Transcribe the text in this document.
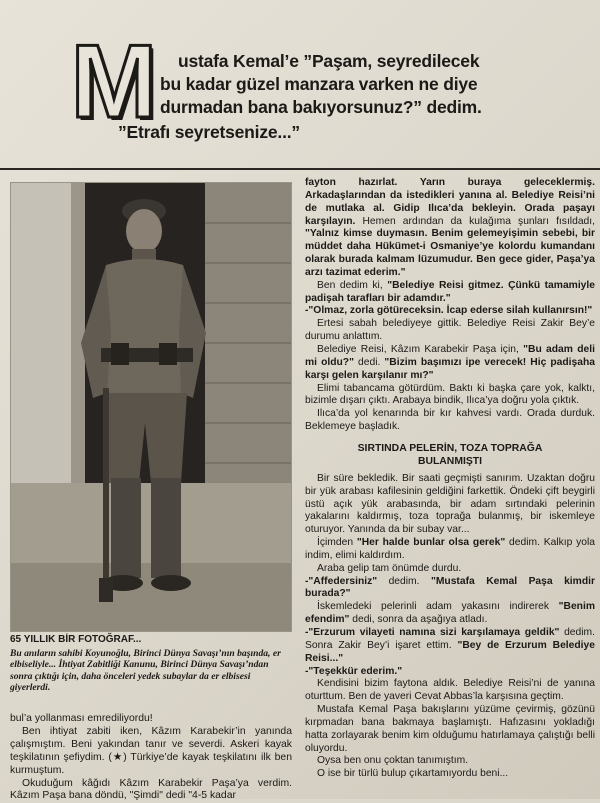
M	ustafa Kemal’e ”Paşam, seyredilecek
bu kadar güzel manzara varken ne diye
durmadan bana bakıyorsunuz?” dedim.
”Etrafı seyretsenize...”
65 YILLIK BİR FOTOĞRAF...
Bu anıların sahibi Koyunoğlu, Birinci Dünya Savaşı’nın başında, er elbiseliyle... İhtiyat Zabitliği Kanunu, Birinci Dünya Savaşı’ndan sonra çıktığı için, daha önceleri yedek subaylar da er elbisesi giyerlerdi.

bul’a yollanması emrediliyordu!

Ben ihtiyat zabiti iken, Kâzım Karabekir’in yanında çalışmıştım. Beni yakından tanır ve severdi. Askeri kayak teşkilatının şefiydim. (★) Türkiye’de kayak teşkilatını ilk ben kurmuştum.

Okuduğum kâğıdı Kâzım Karabekir Paşa’ya verdim. Kâzım Paşa bana döndü, "Şimdi" dedi "4-5 kadar

fayton hazırlat. Yarın buraya geleceklermiş. Arkadaşlarından da istedikleri yanına al. Belediye Reisi’ni de mutlaka al. Gidip Ilıca’da bekleyin. Orada paşayı karşılayın. Hemen ardından da kulağıma şunları fısıldadı, "Yalnız kimse duymasın. Benim gelemeyişimin sebebi, bir müddet daha Hükümet-i Osmaniye’ye kolordu kumandanı olarak burada kalmam lüzumudur. Ben gece gider, Paşa’ya arzı tazimat ederim."

Ben dedim ki, "Belediye Reisi gitmez. Çünkü tamamiyle padişah tarafları bir adamdır."

-"Olmaz, zorla götüreceksin. İcap ederse silah kullanırsın!"

Ertesi sabah belediyeye gittik. Belediye Reisi Zakir Bey’e durumu anlattım.

Belediye Reisi, Kâzım Karabekir Paşa için, "Bu adam deli mi oldu?" dedi. "Bizim başımızı ipe verecek! Hiç padişaha karşı gelen karşılanır mı?"

Elimi tabancama götürdüm. Baktı ki başka çare yok, kalktı, bizimle dışarı çıktı. Arabaya bindik, Ilıca’ya doğru yola çıktık.

Ilıca’da yol kenarında bir kır kahvesi vardı. Orada durduk. Beklemeye başladık.

SIRTINDA PELERİN, TOZA TOPRAĞA
BULANMIŞTI

Bir süre bekledik. Bir saati geçmişti sanırım. Uzaktan doğru bir yük arabası kafilesinin geldiğini farkettik. Öndeki çift beygirli üstü açık yük arabasında, bir adam sırtındaki pelerinin yakalarını kaldırmış, toza toprağa bulanmış, bir iskemleye oturuyor. Yanında da bir subay var...

İçimden "Her halde bunlar olsa gerek" dedim. Kalkıp yola indim, elimi kaldırdım.

Araba gelip tam önümde durdu.

-"Affedersiniz" dedim. "Mustafa Kemal Paşa kimdir burada?"

İskemledeki pelerinli adam yakasını indirerek "Benim efendim" dedi, sonra da aşağıya atladı.

-"Erzurum vilayeti namına sizi karşılamaya geldik" dedim. Sonra Zakir Bey’i işaret ettim. "Bey de Erzurum Belediye Reisi..."

-"Teşekkür ederim."

Kendisini bizim faytona aldık. Belediye Reisi’ni de yanına oturttum. Ben de yaveri Cevat Abbas’la karşısına geçtim.

Mustafa Kemal Paşa bakışlarını yüzüme çevirmiş, gözünü kırpmadan bana bakmaya başlamıştı. Hafızasını yokladığı hatta zorlayarak benim kim olduğumu hatırlamaya çalıştığı belli oluyordu.

Oysa ben onu çoktan tanımıştım.

O ise bir türlü bulup çıkartamıyordu beni...
